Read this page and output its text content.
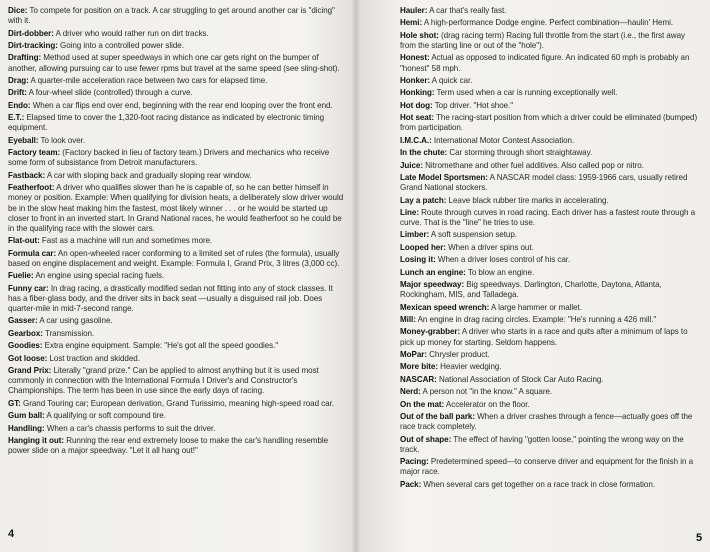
Dice: To compete for position on a track. A car struggling to get around another car is "dicing" with it.

Dirt-dobber: A driver who would rather run on dirt tracks.

Dirt-tracking: Going into a controlled power slide.

Drafting: Method used at super speedways in which one car gets right on the bumper of another, allowing pursuing car to use fewer rpms but travel at the same speed (see sling-shot).

Drag: A quarter-mile acceleration race between two cars for elapsed time.

Drift: A four-wheel slide (controlled) through a curve.

Endo: When a car flips end over end, beginning with the rear end looping over the front end.

E.T.: Elapsed time to cover the 1,320-foot racing distance as indicated by electronic timing equipment.

Eyeball: To look over.

Factory team: (Factory backed in lieu of factory team.) Drivers and mechanics who receive some form of subsistance from Detroit manufacturers.

Fastback: A car with sloping back and gradually sloping rear window.

Featherfoot: A driver who qualifies slower than he is capable of, so he can better himself in money or position. Example: When qualifying for division heats, a deliberately slow driver would be in the slow heat making him the fastest, most likely winner . . . or he would be started up closer to front in an inverted start. In Grand National races, he would featherfoot so he could be in the qualifying race with the slower cars.

Flat-out: Fast as a machine will run and sometimes more.

Formula car: An open-wheeled racer conforming to a limited set of rules (the formula), usually based on engine displacement and weight. Example: Formula I, Grand Prix, 3 litres (3,000 cc).

Fuelie: An engine using special racing fuels.

Funny car: In drag racing, a drastically modified sedan not fitting into any of stock classes. It has a fiber-glass body, and the driver sits in back seat —usually a disguised rail job. Does quarter-mile in mid-7-second range.

Gasser: A car using gasoline.

Gearbox: Transmission.

Goodies: Extra engine equipment. Sample: "He's got all the speed goodies."

Got loose: Lost traction and skidded.

Grand Prix: Literally "grand prize." Can be applied to almost anything but it is used most commonly in connection with the International Formula I Driver's and Constructor's Championships. The term has been in use since the early days of racing.

GT: Grand Touring car; European derivation, Grand Turissimo, meaning high-speed road car.

Gum ball: A qualifying or soft compound tire.

Handling: When a car's chassis performs to suit the driver.

Hanging it out: Running the rear end extremely loose to make the car's handling resemble power slide on a major speedway. "Let it all hang out!"

4

Hauler: A car that's really fast.

Hemi: A high-performance Dodge engine. Perfect combination—haulin' Hemi.

Hole shot: (drag racing term) Racing full throttle from the start (i.e., the first away from the starting line or out of the "hole").

Honest: Actual as opposed to indicated figure. An indicated 60 mph is probably an "honest" 58 mph.

Honker: A quick car.

Honking: Term used when a car is running exceptionally well.

Hot dog: Top driver. "Hot shoe."

Hot seat: The racing-start position from which a driver could be eliminated (bumped) from participation.

I.M.C.A.: International Motor Contest Association.

In the chute: Car storming through short straightaway.

Juice: Nitromethane and other fuel additives. Also called pop or nitro.

Late Model Sportsmen: A NASCAR model class: 1959-1966 cars, usually retired Grand National stockers.

Lay a patch: Leave black rubber tire marks in accelerating.

Line: Route through curves in road racing. Each driver has a fastest route through a curve. That is the "line" he tries to use.

Limber: A soft suspension setup.

Looped her: When a driver spins out.

Losing it: When a driver loses control of his car.

Lunch an engine: To blow an engine.

Major speedway: Big speedways. Darlington, Charlotte, Daytona, Atlanta, Rockingham, MIS, and Talladega.

Mexican speed wrench: A large hammer or mallet.

Mill: An engine in drag racing circles. Example: "He's running a 426 mill."

Money-grabber: A driver who starts in a race and quits after a minimum of laps to pick up money for starting. Seldom happens.

MoPar: Chrysler product.

More bite: Heavier wedging.

NASCAR: National Association of Stock Car Auto Racing.

Nerd: A person not "in the know." A square.

On the mat: Accelerator on the floor.

Out of the ball park: When a driver crashes through a fence—actually goes off the race track completely.

Out of shape: The effect of having "gotten loose," pointing the wrong way on the track.

Pacing: Predetermined speed—to conserve driver and equipment for the finish in a major race.

Pack: When several cars get together on a race track in close formation.

5
